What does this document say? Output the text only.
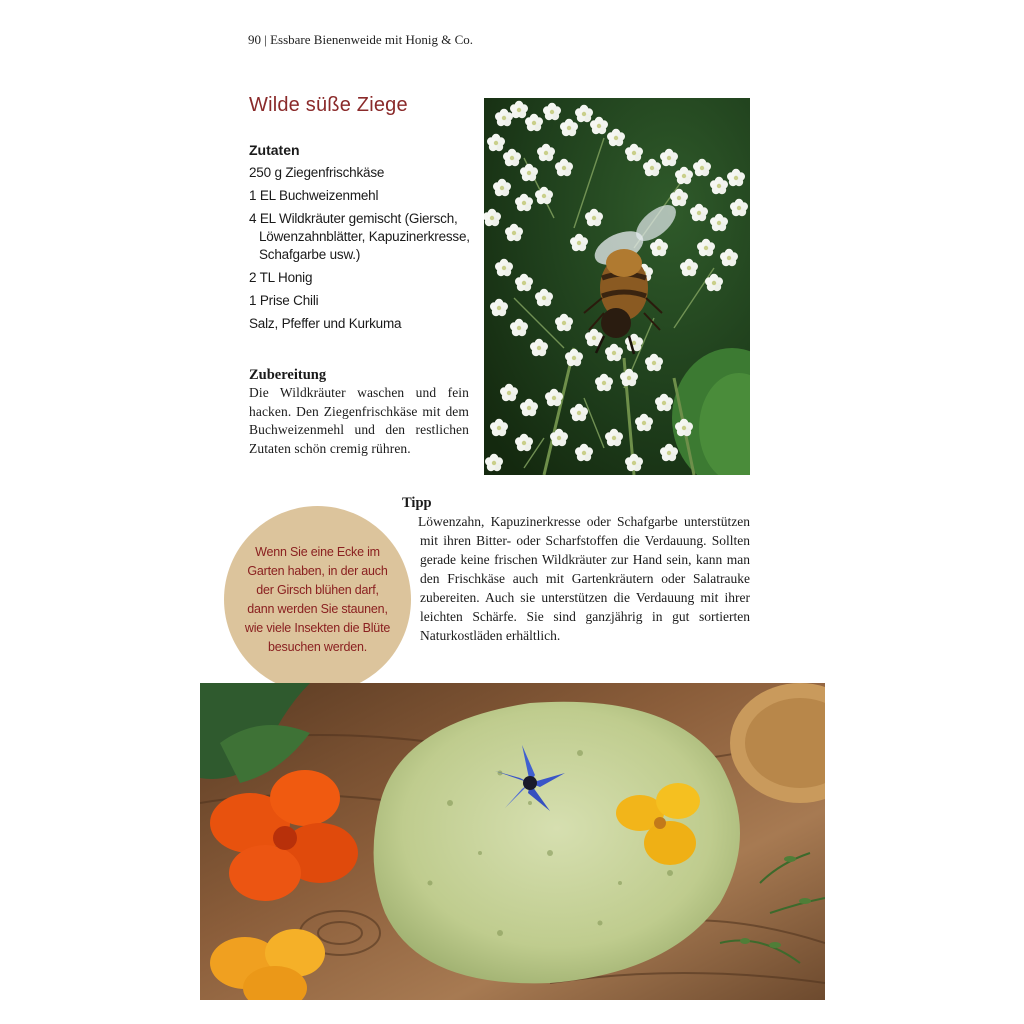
90 | Essbare Bienenweide mit Honig & Co.
Wilde süße Ziege
Zutaten
250 g Ziegenfrischkäse
1 EL Buchweizenmehl
4 EL Wildkräuter gemischt (Giersch, Löwenzahnblätter, Kapuzinerkresse, Schafgarbe usw.)
2 TL Honig
1 Prise Chili
Salz, Pfeffer und Kurkuma
Zubereitung

Die Wildkräuter waschen und fein hacken. Den Ziegenfrischkäse mit dem Buchweizenmehl und den restlichen Zutaten schön cremig rühren.

Wenn Sie eine Ecke im Garten haben, in der auch der Girsch blühen darf, dann werden Sie staunen, wie viele Insekten die Blüte besuchen werden.

Tipp

Löwenzahn, Kapuzinerkresse oder Schafgarbe unterstützen mit ihren Bitter- oder Scharfstoffen die Verdauung. Sollten gerade keine frischen Wildkräuter zur Hand sein, kann man den Frischkäse auch mit Gartenkräutern oder Salatrauke zubereiten. Auch sie unterstützen die Verdauung mit ihrer leichten Schärfe. Sie sind ganzjährig in gut sortierten Naturkostläden erhältlich.
